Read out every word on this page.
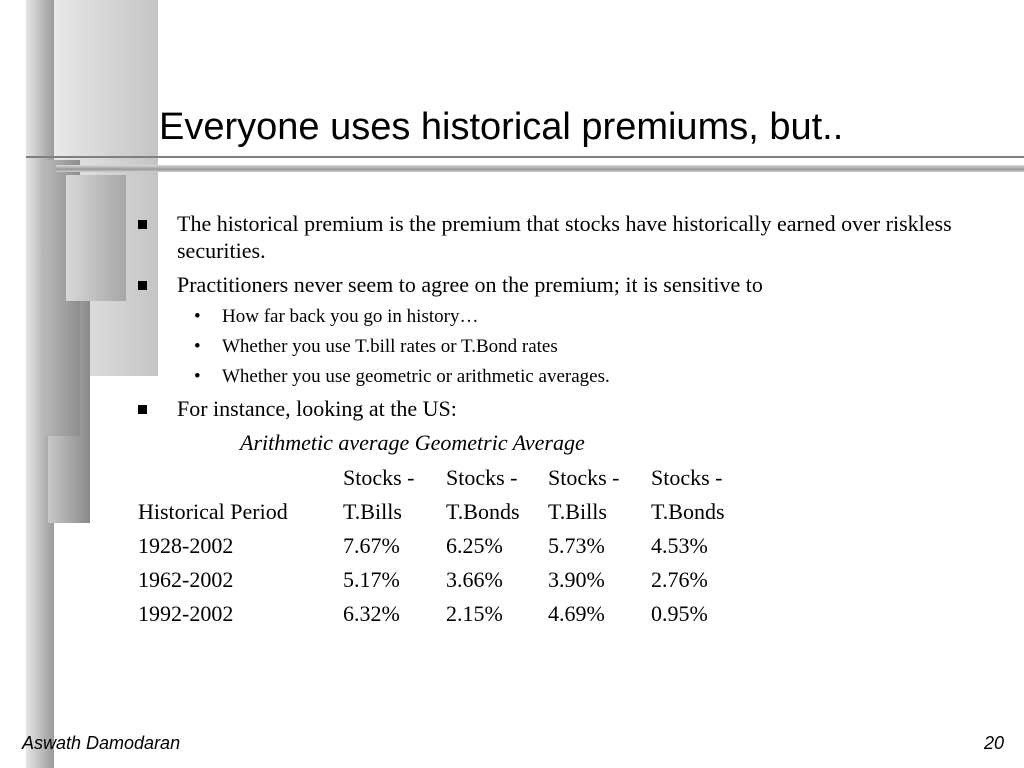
Everyone uses historical premiums, but..
The historical premium is the premium that stocks have historically earned over riskless securities.
Practitioners never seem to agree on the premium; it is sensitive to
• How far back you go in history…
• Whether you use T.bill rates or T.Bond rates
• Whether you use geometric or arithmetic averages.
For instance, looking at the US:
Arithmetic average Geometric Average
	Stocks -	Stocks -	Stocks -	Stocks -
Historical Period	T.Bills	T.Bonds	T.Bills	T.Bonds
1928-2002	7.67%	6.25%	5.73%	4.53%
1962-2002	5.17%	3.66%	3.90%	2.76%
1992-2002	6.32%	2.15%	4.69%	0.95%
Aswath Damodaran	20
